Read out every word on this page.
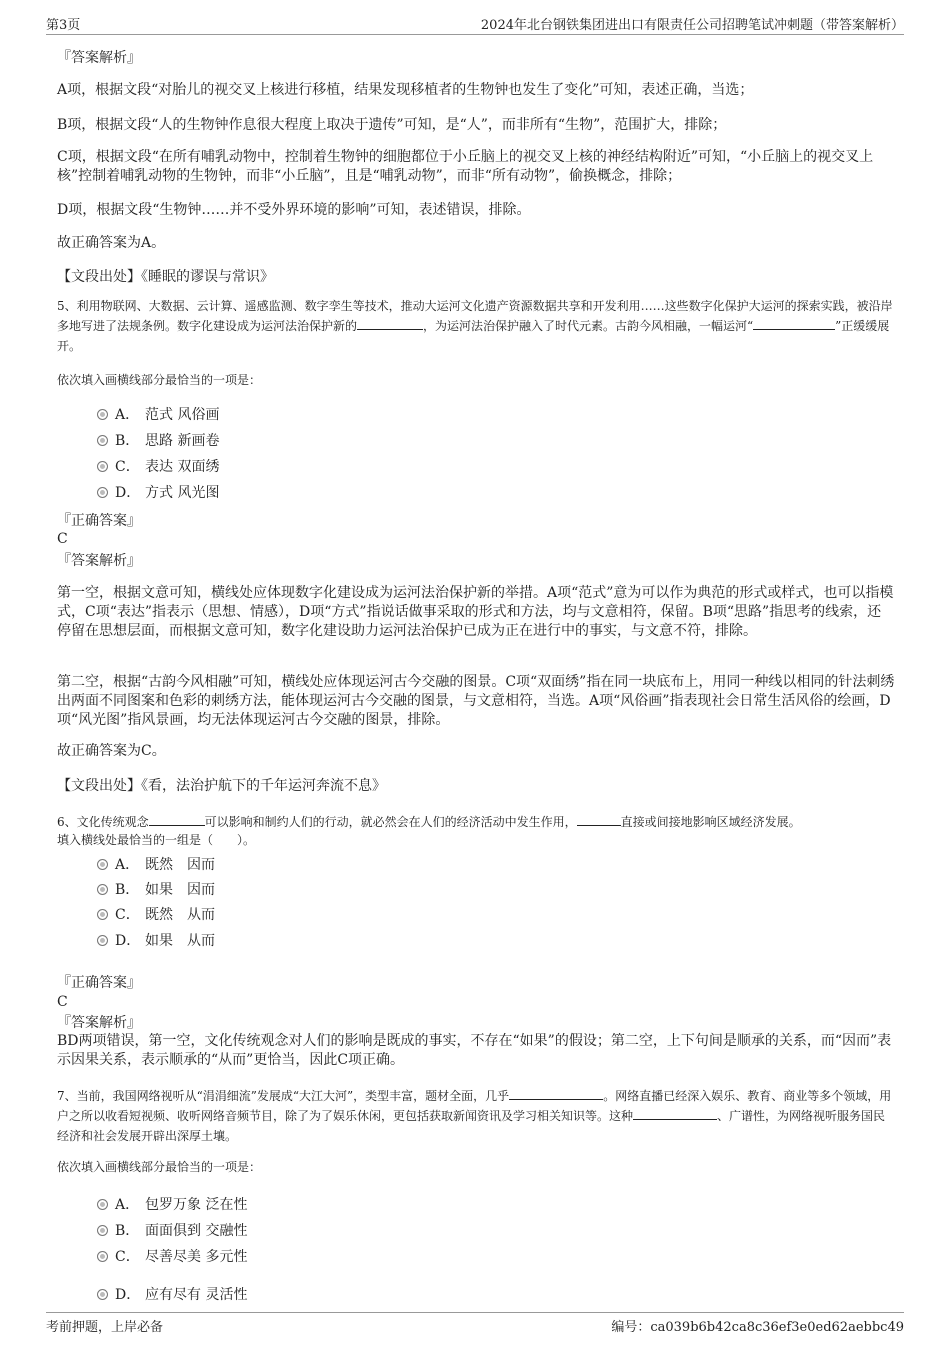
第3页	2024年北台钢铁集团进出口有限责任公司招聘笔试冲刺题（带答案解析）
『答案解析』
A项，根据文段“对胎儿的视交叉上核进行移植，结果发现移植者的生物钟也发生了变化”可知，表述正确，当选；
B项，根据文段“人的生物钟作息很大程度上取决于遗传”可知，是“人”，而非所有“生物”，范围扩大，排除；
C项，根据文段“在所有哺乳动物中，控制着生物钟的细胞都位于小丘脑上的视交叉上核的神经结构附近”可知，“小丘脑上的视交叉上核”控制着哺乳动物的生物钟，而非“小丘脑”，且是“哺乳动物”，而非“所有动物”，偷换概念，排除；
D项，根据文段“生物钟……并不受外界环境的影响”可知，表述错误，排除。
故正确答案为A。
【文段出处】《睡眠的谬误与常识》
5、利用物联网、大数据、云计算、遥感监测、数字孪生等技术，推动大运河文化遗产资源数据共享和开发利用……这些数字化保护大运河的探索实践，被沿岸多地写进了法规条例。数字化建设成为运河法治保护新的	，为运河法治保护融入了时代元素。古韵今风相融，一幅运河“	”正缓缓展开。
依次填入画横线部分最恰当的一项是：
A． 范式 风俗画
B． 思路 新画卷
C． 表达 双面绣
D． 方式 风光图
『正确答案』
C
『答案解析』
第一空，根据文意可知，横线处应体现数字化建设成为运河法治保护新的举措。A项“范式”意为可以作为典范的形式或样式，也可以指模式，C项“表达”指表示（思想、情感），D项“方式”指说话做事采取的形式和方法，均与文意相符，保留。B项“思路”指思考的线索，还停留在思想层面，而根据文意可知，数字化建设助力运河法治保护已成为正在进行中的事实，与文意不符，排除。
第二空，根据“古韵今风相融”可知，横线处应体现运河古今交融的图景。C项“双面绣”指在同一块底布上，用同一种线以相同的针法刺绣出两面不同图案和色彩的刺绣方法，能体现运河古今交融的图景，与文意相符，当选。A项“风俗画”指表现社会日常生活风俗的绘画，D项“风光图”指风景画，均无法体现运河古今交融的图景，排除。
故正确答案为C。
【文段出处】《看，法治护航下的千年运河奔流不息》
6、文化传统观念	可以影响和制约人们的行动，就必然会在人们的经济活动中发生作用，	直接或间接地影响区域经济发展。
填入横线处最恰当的一组是（　　）。
A． 既然　因而
B． 如果　因而
C． 既然　从而
D． 如果　从而
『正确答案』
C
『答案解析』
BD两项错误，第一空，文化传统观念对人们的影响是既成的事实，不存在“如果”的假设；第二空，上下句间是顺承的关系，而“因而”表示因果关系，表示顺承的“从而”更恰当，因此C项正确。
7、当前，我国网络视听从“涓涓细流”发展成“大江大河”，类型丰富，题材全面，几乎	。网络直播已经深入娱乐、教育、商业等多个领域，用户之所以收看短视频、收听网络音频节目，除了为了娱乐休闲，更包括获取新闻资讯及学习相关知识等。这种	、广谱性，为网络视听服务国民经济和社会发展开辟出深厚土壤。
依次填入画横线部分最恰当的一项是：
A． 包罗万象 泛在性
B． 面面俱到 交融性
C． 尽善尽美 多元性
D． 应有尽有 灵活性
考前押题，上岸必备	编号：ca039b6b42ca8c36ef3e0ed62aebbc49
